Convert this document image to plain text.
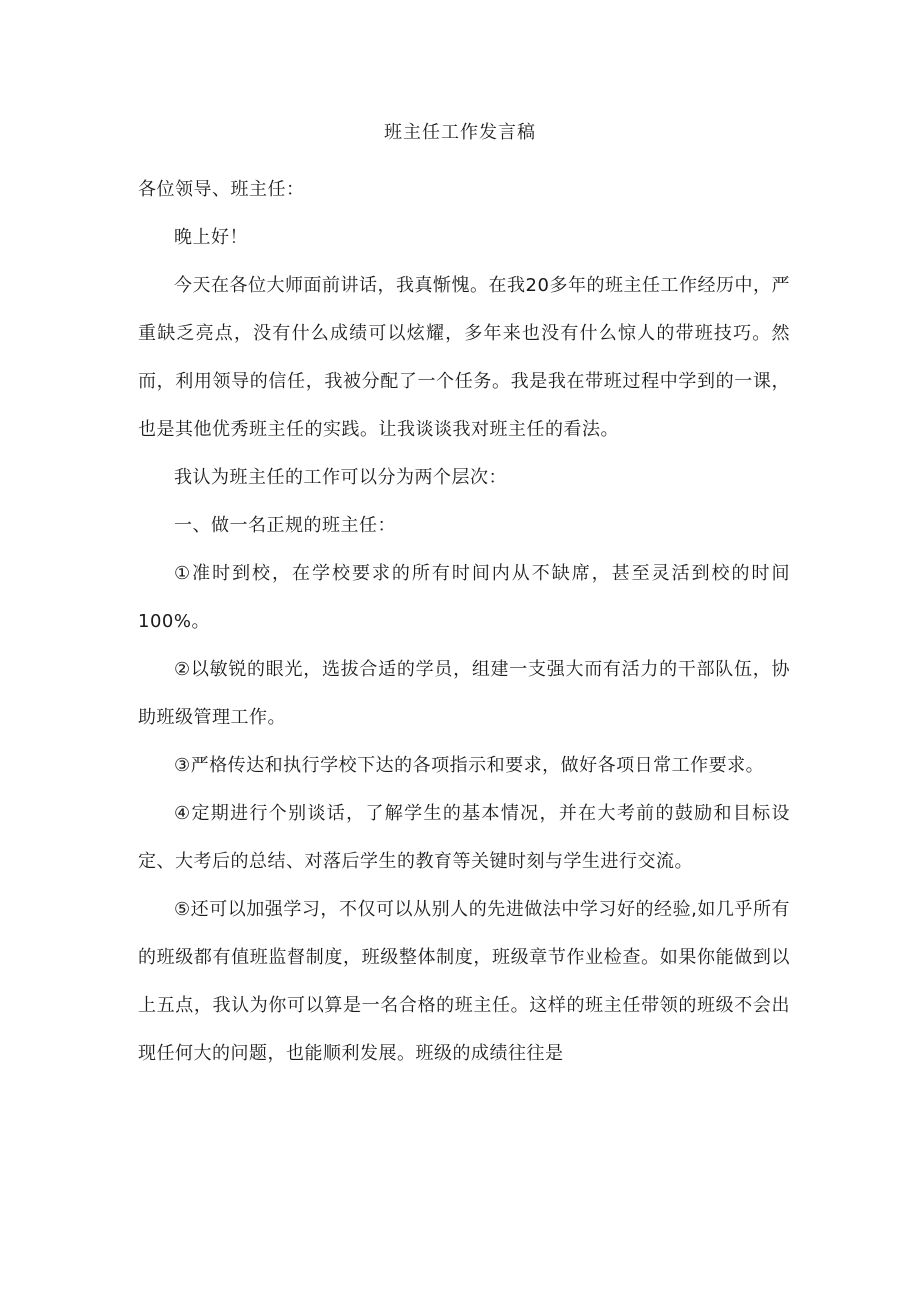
班主任工作发言稿

各位领导、班主任：

晚上好！

今天在各位大师面前讲话，我真惭愧。在我20多年的班主任工作经历中，严重缺乏亮点，没有什么成绩可以炫耀，多年来也没有什么惊人的带班技巧。然而，利用领导的信任，我被分配了一个任务。我是我在带班过程中学到的一课，也是其他优秀班主任的实践。让我谈谈我对班主任的看法。

我认为班主任的工作可以分为两个层次：

一、做一名正规的班主任：

①准时到校，在学校要求的所有时间内从不缺席，甚至灵活到校的时间100%。

②以敏锐的眼光，选拔合适的学员，组建一支强大而有活力的干部队伍，协助班级管理工作。

③严格传达和执行学校下达的各项指示和要求，做好各项日常工作要求。

④定期进行个别谈话，了解学生的基本情况，并在大考前的鼓励和目标设定、大考后的总结、对落后学生的教育等关键时刻与学生进行交流。

⑤还可以加强学习，不仅可以从别人的先进做法中学习好的经验,如几乎所有的班级都有值班监督制度，班级整体制度，班级章节作业检查。如果你能做到以上五点，我认为你可以算是一名合格的班主任。这样的班主任带领的班级不会出现任何大的问题，也能顺利发展。班级的成绩往往是
